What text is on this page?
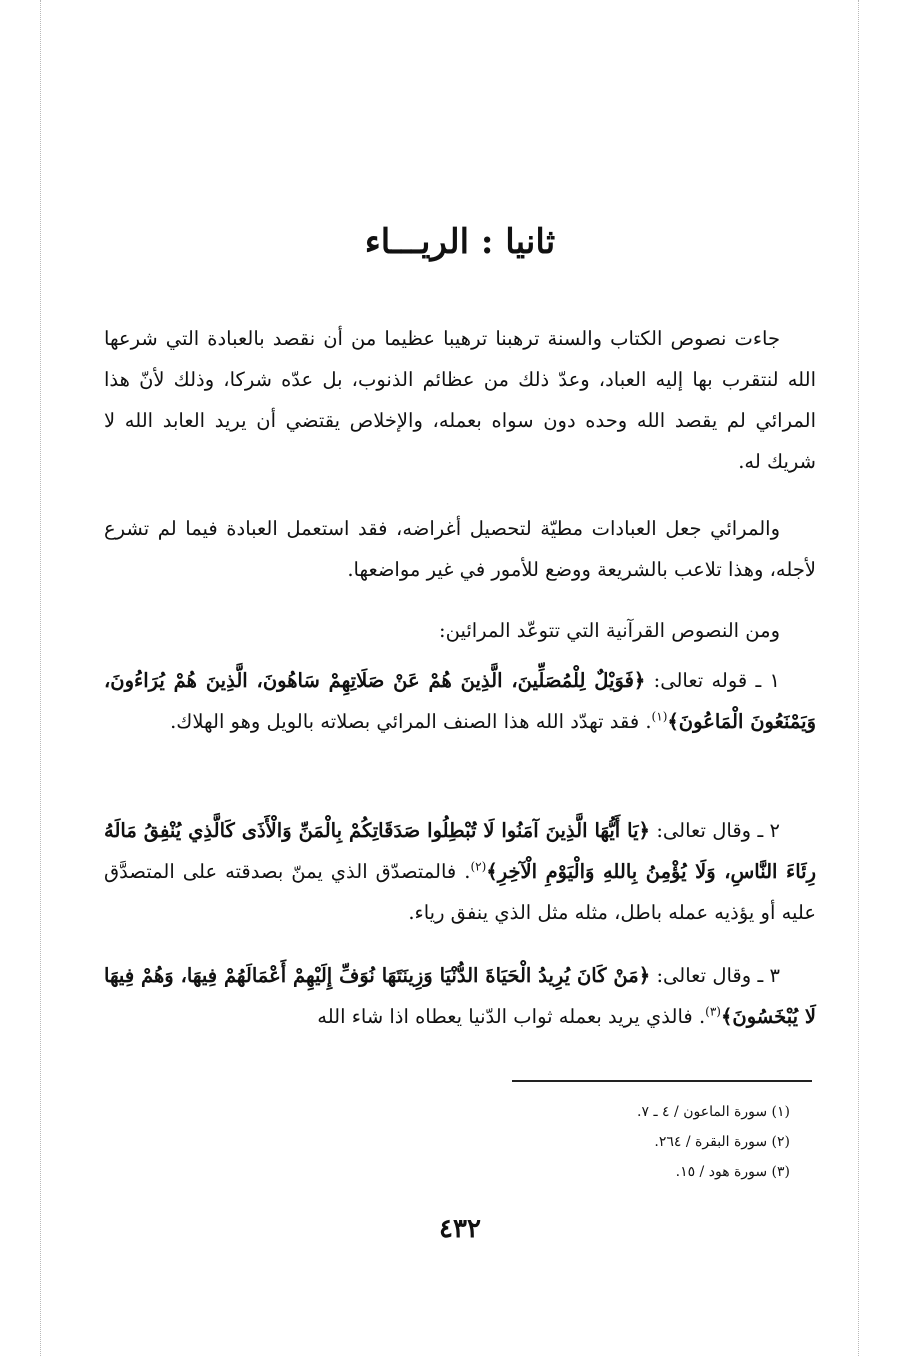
ثانيا : الريـــاء

جاءت نصوص الكتاب والسنة ترهبنا ترهيبا عظيما من أن نقصد بالعبادة التي شرعها الله لنتقرب بها إليه العباد، وعدّ ذلك من عظائم الذنوب، بل عدّه شركا، وذلك لأنّ هذا المرائي لم يقصد الله وحده دون سواه بعمله، والإخلاص يقتضي أن يريد العابد الله لا شريك له.

والمرائي جعل العبادات مطيّة لتحصيل أغراضه، فقد استعمل العبادة فيما لم تشرع لأجله، وهذا تلاعب بالشريعة ووضع للأمور في غير مواضعها.

ومن النصوص القرآنية التي تتوعّد المرائين:

١ ـ قوله تعالى: ﴿فَوَيْلٌ لِلْمُصَلِّينَ، الَّذِينَ هُمْ عَنْ صَلَاتِهِمْ سَاهُونَ، الَّذِينَ هُمْ يُرَاءُونَ، وَيَمْنَعُونَ الْمَاعُونَ﴾$^{(١)}$. فقد تهدّد الله هذا الصنف المرائي بصلاته بالويل وهو الهلاك.

٢ ـ وقال تعالى: ﴿يَا أَيُّهَا الَّذِينَ آمَنُوا لَا تُبْطِلُوا صَدَقَاتِكُمْ بِالْمَنِّ وَالْأَذَى كَالَّذِي يُنْفِقُ مَالَهُ رِئَاءَ النَّاسِ، وَلَا يُؤْمِنُ بِاللهِ وَالْيَوْمِ الْآخِرِ﴾$^{(٢)}$. فالمتصدّق الذي يمنّ بصدقته على المتصدَّق عليه أو يؤذيه عمله باطل، مثله مثل الذي ينفق رياء.

٣ ـ وقال تعالى: ﴿مَنْ كَانَ يُرِيدُ الْحَيَاةَ الدُّنْيَا وَزِينَتَهَا نُوَفِّ إِلَيْهِمْ أَعْمَالَهُمْ فِيهَا، وَهُمْ فِيهَا لَا يُبْخَسُونَ﴾$^{(٣)}$. فالذي يريد بعمله ثواب الدّنيا يعطاه اذا شاء الله

(١) سورة الماعون / ٤ ـ ٧.
(٢) سورة البقرة / ٢٦٤.
(٣) سورة هود / ١٥.
٤٣٢
